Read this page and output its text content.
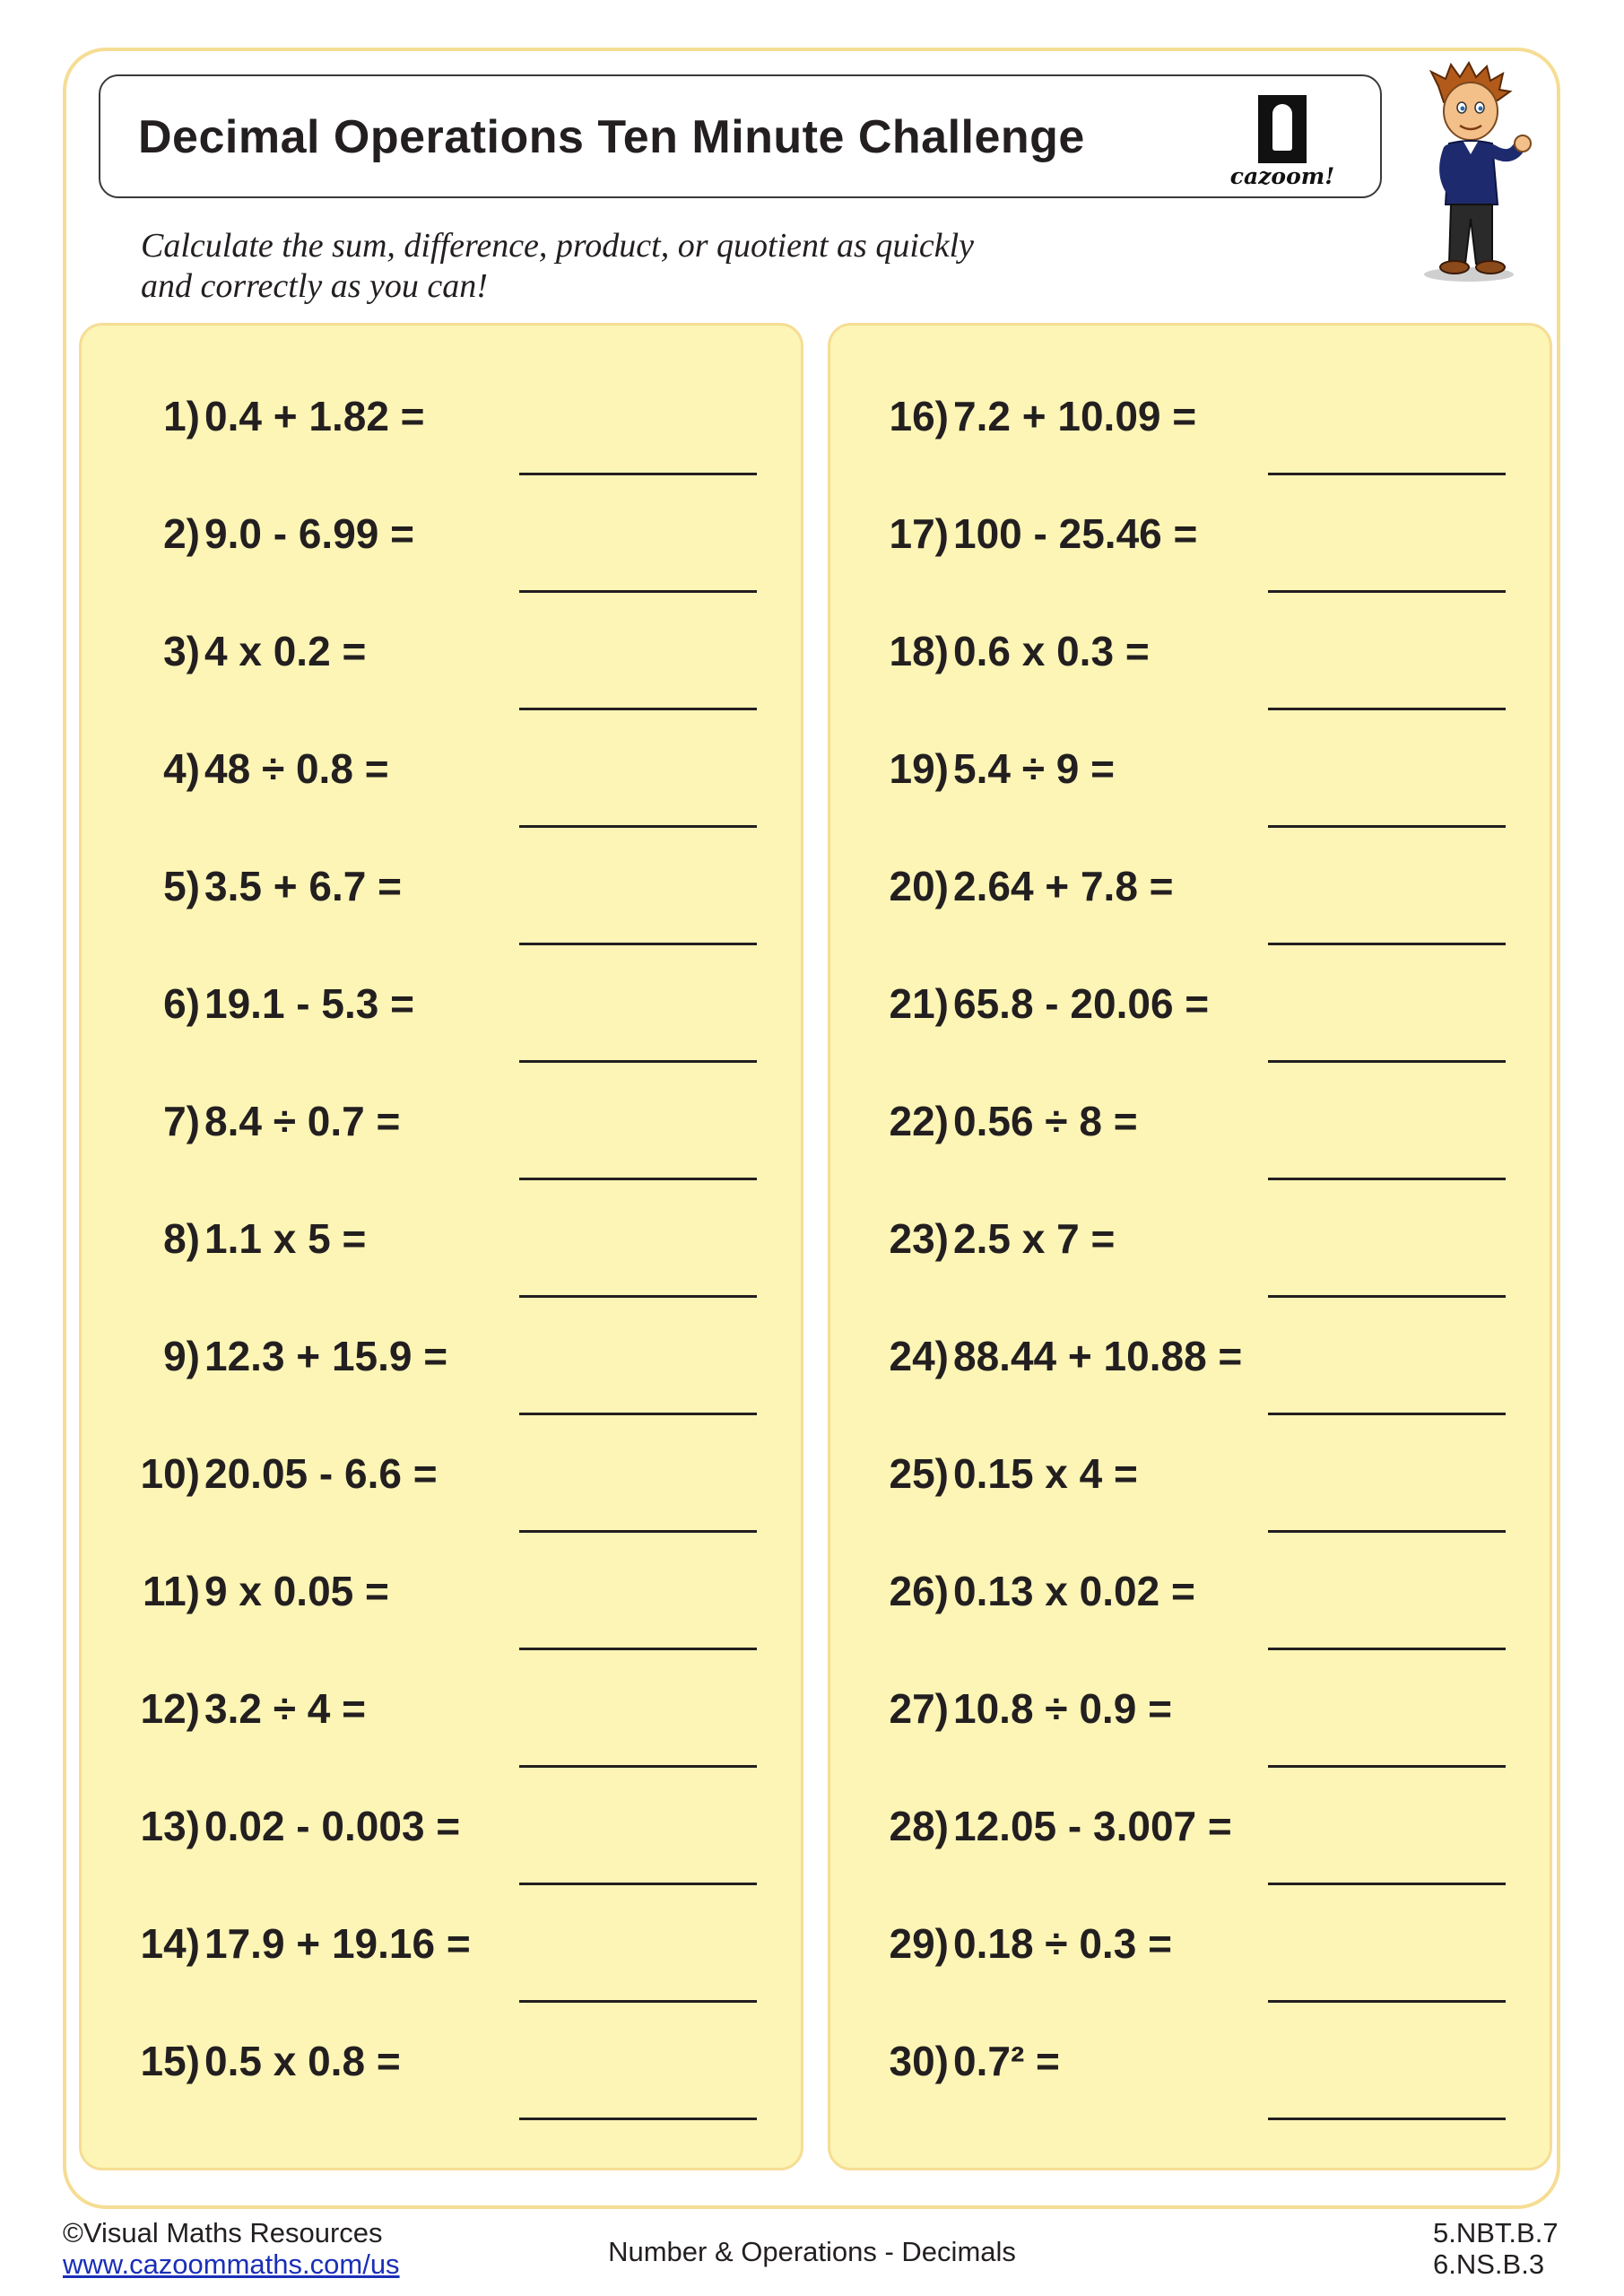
Decimal Operations Ten Minute Challenge
cazoom!
Calculate the sum, difference, product, or quotient as quickly
and correctly as you can!
1) 0.4 + 1.82 =
2) 9.0 - 6.99 =
3) 4 x 0.2 =
4) 48 ÷ 0.8 =
5) 3.5 + 6.7 =
6) 19.1 - 5.3 =
7) 8.4 ÷ 0.7 =
8) 1.1 x 5 =
9) 12.3 + 15.9 =
10) 20.05 - 6.6 =
11) 9 x 0.05 =
12) 3.2 ÷ 4 =
13) 0.02 - 0.003 =
14) 17.9 + 19.16 =
15) 0.5 x 0.8 =
16) 7.2 + 10.09 =
17) 100 - 25.46 =
18) 0.6 x 0.3 =
19) 5.4 ÷ 9 =
20) 2.64 + 7.8 =
21) 65.8 - 20.06 =
22) 0.56 ÷ 8 =
23) 2.5 x 7 =
24) 88.44 + 10.88 =
25) 0.15 x 4 =
26) 0.13 x 0.02 =
27) 10.8 ÷ 0.9 =
28) 12.05 - 3.007 =
29) 0.18 ÷ 0.3 =
30) 0.7² =
©Visual Maths Resources
www.cazoommaths.com/us	Number & Operations - Decimals
5.NBT.B.7
6.NS.B.3
